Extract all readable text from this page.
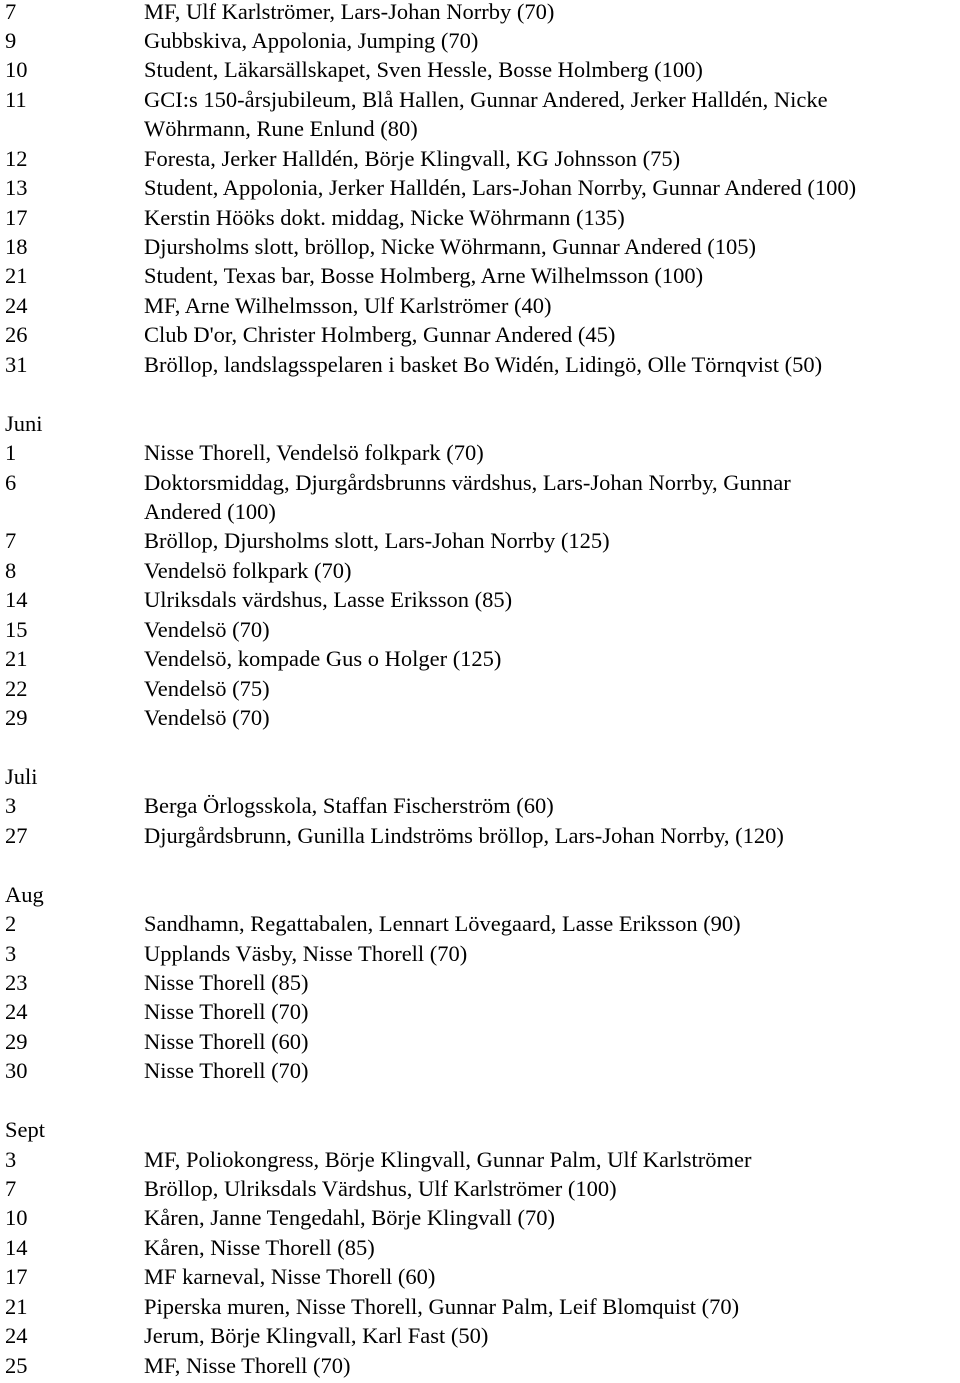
7	MF, Ulf Karlströmer, Lars-Johan Norrby (70)
9	Gubbskiva, Appolonia, Jumping (70)
10	Student, Läkarsällskapet, Sven Hessle, Bosse Holmberg (100)
11	GCI:s 150-årsjubileum, Blå Hallen, Gunnar Andered, Jerker Halldén, Nicke
Wöhrmann, Rune Enlund (80)
12	Foresta, Jerker Halldén, Börje Klingvall, KG Johnsson (75)
13	Student, Appolonia, Jerker Halldén, Lars-Johan Norrby, Gunnar Andered (100)
17	Kerstin Hööks dokt. middag, Nicke Wöhrmann (135)
18	Djursholms slott, bröllop, Nicke Wöhrmann, Gunnar Andered (105)
21	Student, Texas bar, Bosse Holmberg, Arne Wilhelmsson (100)
24	MF, Arne Wilhelmsson, Ulf Karlströmer (40)
26	Club D'or, Christer Holmberg, Gunnar Andered (45)
31	Bröllop, landslagsspelaren i basket Bo Widén, Lidingö, Olle Törnqvist (50)
Juni
1	Nisse Thorell, Vendelsö folkpark (70)
6	Doktorsmiddag, Djurgårdsbrunns värdshus, Lars-Johan Norrby, Gunnar
Andered (100)
7	Bröllop, Djursholms slott, Lars-Johan Norrby (125)
8	Vendelsö folkpark (70)
14	Ulriksdals värdshus, Lasse Eriksson (85)
15	Vendelsö (70)
21	Vendelsö, kompade Gus o Holger (125)
22	Vendelsö (75)
29	Vendelsö (70)
Juli
3	Berga Örlogsskola, Staffan Fischerström (60)
27	Djurgårdsbrunn, Gunilla Lindströms bröllop, Lars-Johan Norrby, (120)
Aug
2	Sandhamn, Regattabalen, Lennart Lövegaard, Lasse Eriksson (90)
3	Upplands Väsby, Nisse Thorell (70)
23	Nisse Thorell (85)
24	Nisse Thorell (70)
29	Nisse Thorell (60)
30	Nisse Thorell (70)
Sept
3	MF, Poliokongress, Börje Klingvall, Gunnar Palm, Ulf Karlströmer
7	Bröllop, Ulriksdals Värdshus, Ulf Karlströmer (100)
10	Kåren, Janne Tengedahl, Börje Klingvall (70)
14	Kåren, Nisse Thorell (85)
17	MF karneval, Nisse Thorell (60)
21	Piperska muren, Nisse Thorell, Gunnar Palm, Leif Blomquist (70)
24	Jerum, Börje Klingvall, Karl Fast (50)
25	MF, Nisse Thorell (70)
